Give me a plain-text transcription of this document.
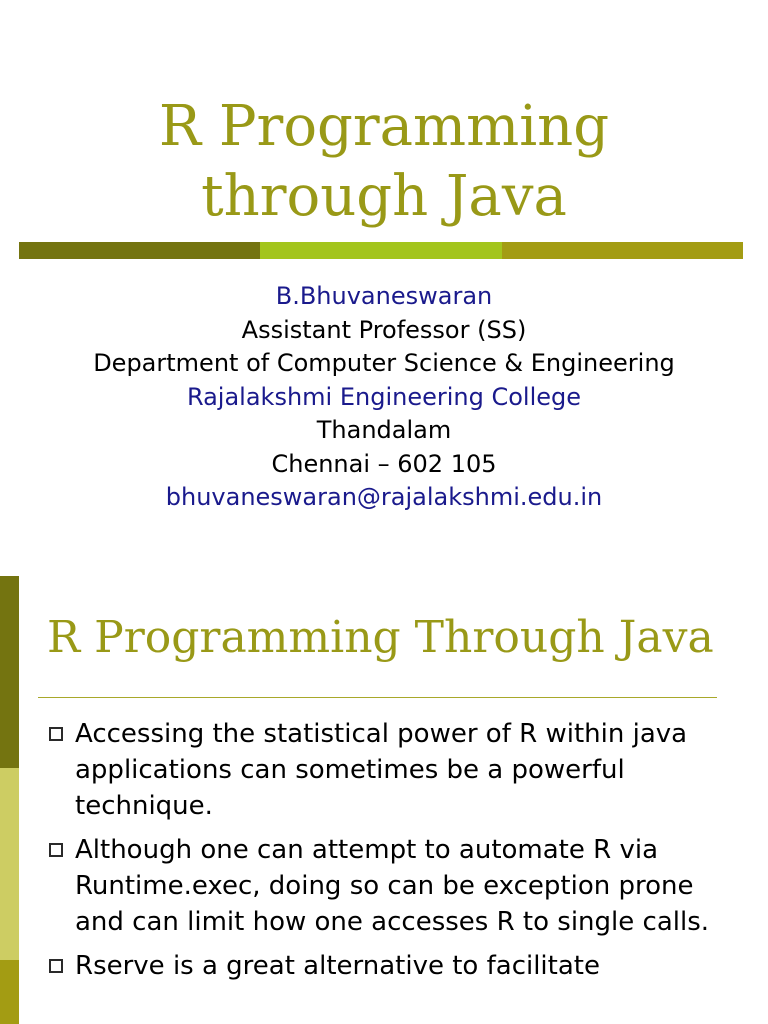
R Programming
through Java
B.Bhuvaneswaran
Assistant Professor (SS)
Department of Computer Science & Engineering
Rajalakshmi Engineering College
Thandalam
Chennai – 602 105
bhuvaneswaran@rajalakshmi.edu.in
R Programming Through Java
Accessing the statistical power of R within java applications can sometimes be a powerful technique.
Although one can attempt to automate R via Runtime.exec, doing so can be exception prone and can limit how one accesses R to single calls.
Rserve is a great alternative to facilitate
